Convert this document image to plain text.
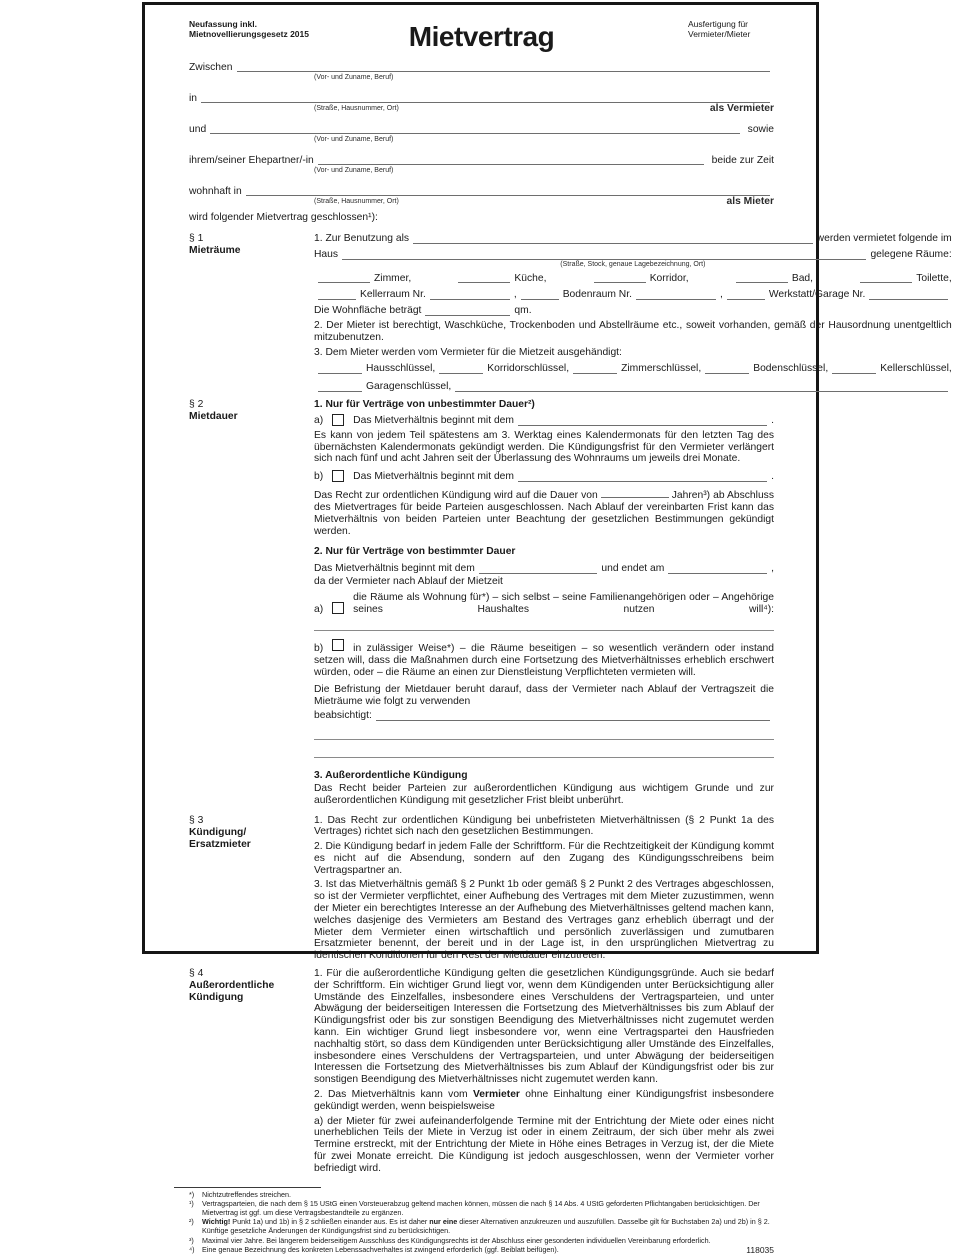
Neufassung inkl.
Mietnovellierungsgesetz 2015	Mietvertrag	Ausfertigung für
Vermieter/Mieter
Zwischen
(Vor- und Zuname, Beruf)
in
(Straße, Hausnummer, Ort)	als Vermieter
und	sowie
(Vor- und Zuname, Beruf)
ihrem/seiner Ehepartner/-in	beide zur Zeit
(Vor- und Zuname, Beruf)
wohnhaft in
(Straße, Hausnummer, Ort)	als Mieter
wird folgender Mietvertrag geschlossen¹):
§ 1
Mieträume
1. Zur Benutzung als	werden vermietet folgende im
Haus	gelegene Räume:
(Straße, Stock, genaue Lagebezeichnung, Ort)
Zimmer,	Küche,	Korridor,	Bad,	Toilette,
Kellerraum Nr.	,	Bodenraum Nr.	,	Werkstatt/Garage Nr.
Die Wohnfläche beträgt	qm.

2. Der Mieter ist berechtigt, Waschküche, Trockenboden und Abstellräume etc., soweit vorhanden, gemäß der Hausordnung unentgeltlich mitzubenutzen.

3. Dem Mieter werden vom Vermieter für die Mietzeit ausgehändigt:

Hausschlüssel,	Korridorschlüssel,	Zimmerschlüssel,	Bodenschlüssel,	Kellerschlüssel,
Garagenschlüssel,
§ 2
Mietdauer

1. Nur für Verträge von unbestimmter Dauer²)

a)	Das Mietverhältnis beginnt mit dem	.

Es kann von jedem Teil spätestens am 3. Werktag eines Kalendermonats für den letzten Tag des übernächsten Kalendermonats gekündigt werden. Die Kündigungsfrist für den Vermieter verlängert sich nach fünf und acht Jahren seit der Überlassung des Wohnraums um jeweils drei Monate.

b)	Das Mietverhältnis beginnt mit dem	.

Das Recht zur ordentlichen Kündigung wird auf die Dauer von	Jahren³) ab Abschluss des Mietvertrages für beide Parteien ausgeschlossen. Nach Ablauf der vereinbarten Frist kann das Mietverhältnis von beiden Parteien unter Beachtung der gesetzlichen Bestimmungen gekündigt werden.

2. Nur für Verträge von bestimmter Dauer

Das Mietverhältnis beginnt mit dem	und endet am	,
da der Vermieter nach Ablauf der Mietzeit
a)
die Räume als Wohnung für*) – sich selbst – seine Familienangehörigen oder – Angehörige seines Haushaltes nutzen will⁴):

b)	in zulässiger Weise*) – die Räume beseitigen – so wesentlich verändern oder instand setzen will, dass die Maßnahmen durch eine Fortsetzung des Mietverhältnisses erheblich erschwert würden, oder – die Räume an einen zur Dienstleistung Verpflichteten vermieten will.

Die Befristung der Mietdauer beruht darauf, dass der Vermieter nach Ablauf der Vertragszeit die Mieträume wie folgt zu verwenden

beabsichtigt:

3. Außerordentliche Kündigung

Das Recht beider Parteien zur außerordentlichen Kündigung aus wichtigem Grunde und zur außerordentlichen Kündigung mit gesetzlicher Frist bleibt unberührt.

§ 3
Kündigung/
Ersatzmieter

1. Das Recht zur ordentlichen Kündigung bei unbefristeten Mietverhältnissen (§ 2 Punkt 1a des Vertrages) richtet sich nach den gesetzlichen Bestimmungen.

2. Die Kündigung bedarf in jedem Falle der Schriftform. Für die Rechtzeitigkeit der Kündigung kommt es nicht auf die Absendung, sondern auf den Zugang des Kündigungsschreibens beim Vertragspartner an.

3. Ist das Mietverhältnis gemäß § 2 Punkt 1b oder gemäß § 2 Punkt 2 des Vertrages abgeschlossen, so ist der Vermieter verpflichtet, einer Aufhebung des Vertrages mit dem Mieter zuzustimmen, wenn der Mieter ein berechtigtes Interesse an der Aufhebung des Mietverhältnisses geltend machen kann, welches dasjenige des Vermieters am Bestand des Vertrages ganz erheblich überragt und der Mieter dem Vermieter einen wirtschaftlich und persönlich zuverlässigen und zumutbaren Ersatzmieter benennt, der bereit und in der Lage ist, in den ursprünglichen Mietvertrag zu identischen Konditionen für den Rest der Mietdauer einzutreten.

§ 4
Außerordentliche
Kündigung

1. Für die außerordentliche Kündigung gelten die gesetzlichen Kündigungsgründe. Auch sie bedarf der Schriftform. Ein wichtiger Grund liegt vor, wenn dem Kündigenden unter Berücksichtigung aller Umstände des Einzelfalles, insbesondere eines Verschuldens der Vertragsparteien, und unter Abwägung der beiderseitigen Interessen die Fortsetzung des Mietverhältnisses bis zum Ablauf der Kündigungsfrist oder bis zur sonstigen Beendigung des Mietverhältnisses nicht zugemutet werden kann. Ein wichtiger Grund liegt insbesondere vor, wenn eine Vertragspartei den Hausfrieden nachhaltig stört, so dass dem Kündigenden unter Berücksichtigung aller Umstände des Einzelfalles, insbesondere eines Verschuldens der Vertragsparteien, und unter Abwägung der beiderseitigen Interessen die Fortsetzung des Mietverhältnisses bis zum Ablauf der Kündigungsfrist oder bis zur sonstigen Beendigung des Mietverhältnisses nicht zugemutet werden kann.

2. Das Mietverhältnis kann vom Vermieter ohne Einhaltung einer Kündigungsfrist insbesondere gekündigt werden, wenn beispielsweise

a) der Mieter für zwei aufeinanderfolgende Termine mit der Entrichtung der Miete oder eines nicht unerheblichen Teils der Miete in Verzug ist oder in einem Zeitraum, der sich über mehr als zwei Termine erstreckt, mit der Entrichtung der Miete in Höhe eines Betrages in Verzug ist, der die Miete für zwei Monate erreicht. Die Kündigung ist jedoch ausgeschlossen, wenn der Vermieter vorher befriedigt wird.

*)	Nichtzutreffendes streichen.
¹)	Vertragsparteien, die nach dem § 15 UStG einen Vorsteuerabzug geltend machen können, müssen die nach § 14 Abs. 4 UStG geforderten Pflichtangaben berücksichtigen. Der Mietvertrag ist ggf. um diese Vertragsbestandteile zu ergänzen.
²)	Wichtig! Punkt 1a) und 1b) in § 2 schließen einander aus. Es ist daher nur eine dieser Alternativen anzukreuzen und auszufüllen. Dasselbe gilt für Buchstaben 2a) und 2b) in § 2.
Künftige gesetzliche Änderungen der Kündigungsfrist sind zu berücksichtigen.
³)	Maximal vier Jahre. Bei längerem beiderseitigem Ausschluss des Kündigungsrechts ist der Abschluss einer gesonderten individuellen Vereinbarung erforderlich.
⁴)	Eine genaue Bezeichnung des konkreten Lebenssachverhaltes ist zwingend erforderlich (ggf. Beiblatt beifügen).	118035
